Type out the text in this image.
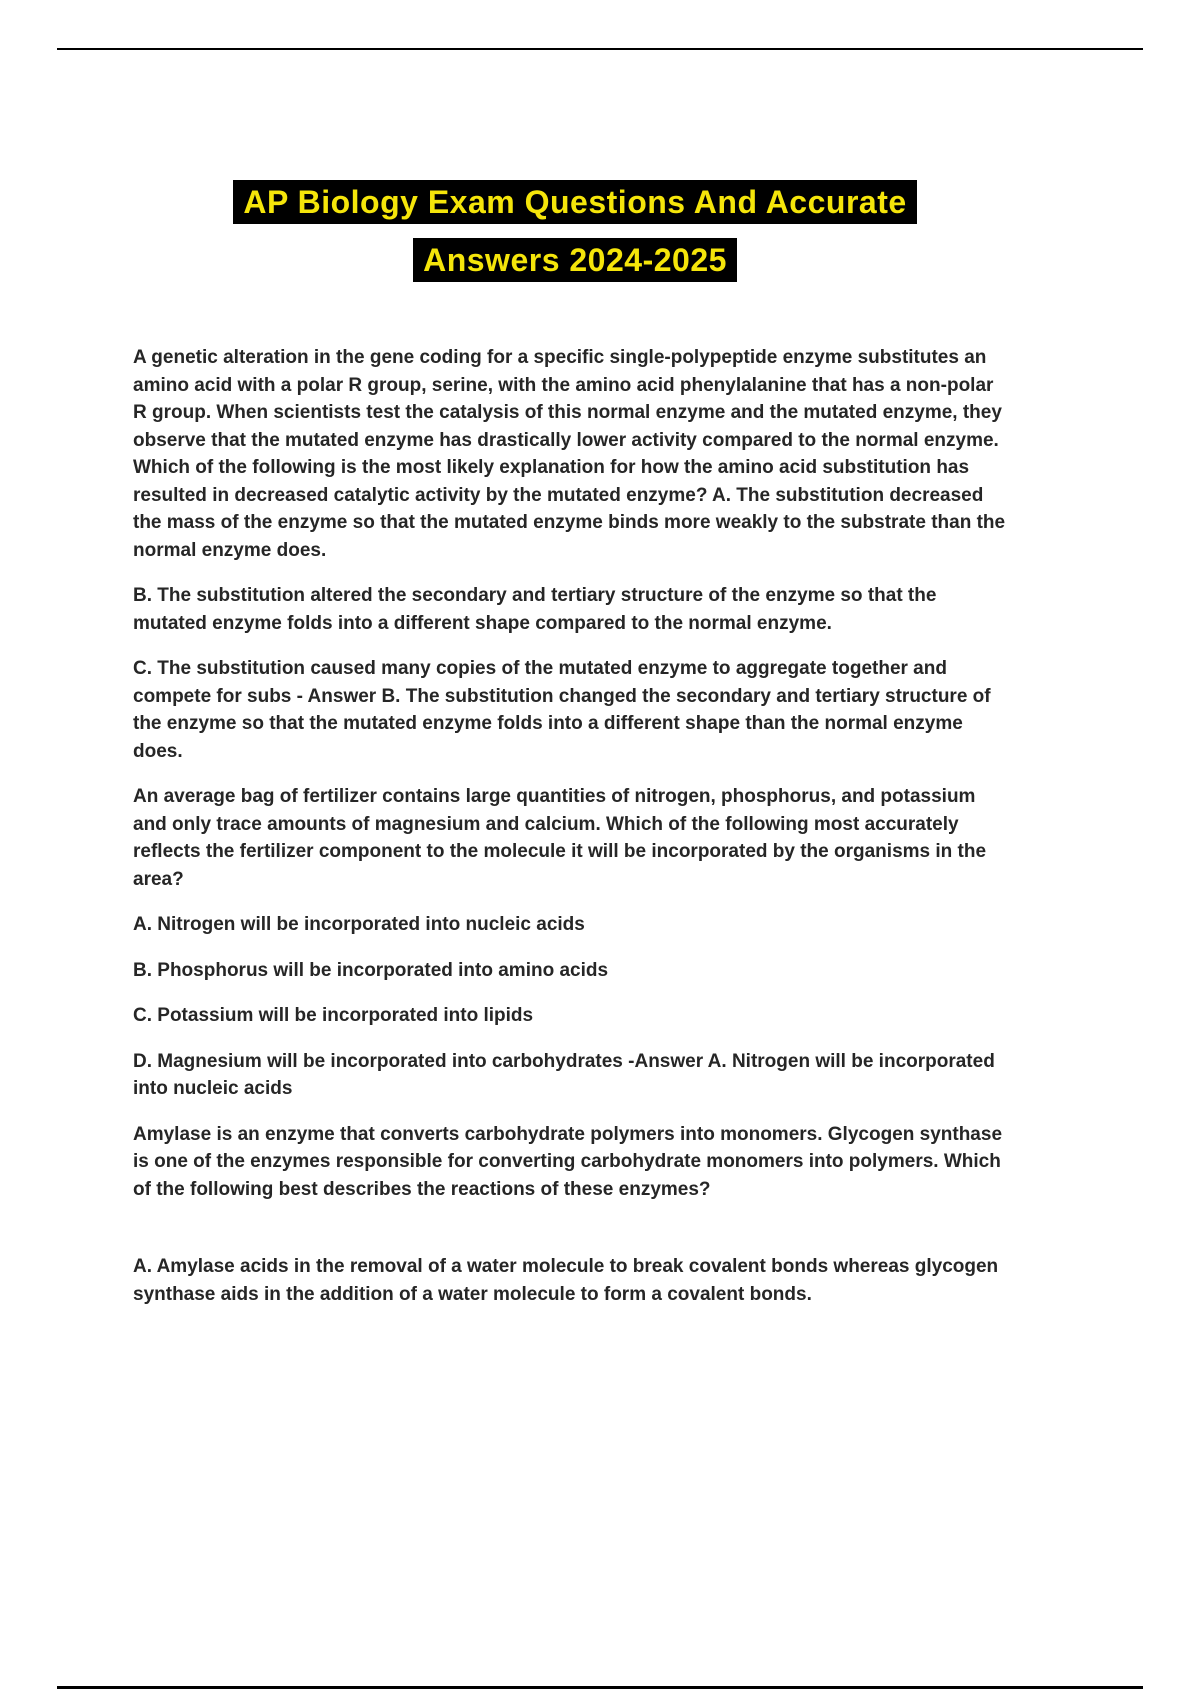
AP Biology Exam Questions And Accurate
Answers 2024-2025
A genetic alteration in the gene coding for a specific single-polypeptide enzyme substitutes an amino acid with a polar R group, serine, with the amino acid phenylalanine that has a non-polar R group. When scientists test the catalysis of this normal enzyme and the mutated enzyme, they observe that the mutated enzyme has drastically lower activity compared to the normal enzyme. Which of the following is the most likely explanation for how the amino acid substitution has resulted in decreased catalytic activity by the mutated enzyme? A. The substitution decreased the mass of the enzyme so that the mutated enzyme binds more weakly to the substrate than the normal enzyme does.
B. The substitution altered the secondary and tertiary structure of the enzyme so that the mutated enzyme folds into a different shape compared to the normal enzyme.
C. The substitution caused many copies of the mutated enzyme to aggregate together and compete for subs - Answer B. The substitution changed the secondary and tertiary structure of the enzyme so that the mutated enzyme folds into a different shape than the normal enzyme does.
An average bag of fertilizer contains large quantities of nitrogen, phosphorus, and potassium and only trace amounts of magnesium and calcium. Which of the following most accurately reflects the fertilizer component to the molecule it will be incorporated by the organisms in the area?
A. Nitrogen will be incorporated into nucleic acids
B. Phosphorus will be incorporated into amino acids
C. Potassium will be incorporated into lipids
D. Magnesium will be incorporated into carbohydrates -Answer A. Nitrogen will be incorporated into nucleic acids
Amylase is an enzyme that converts carbohydrate polymers into monomers. Glycogen synthase is one of the enzymes responsible for converting carbohydrate monomers into polymers. Which of the following best describes the reactions of these enzymes?
A. Amylase acids in the removal of a water molecule to break covalent bonds whereas glycogen synthase aids in the addition of a water molecule to form a covalent bonds.
